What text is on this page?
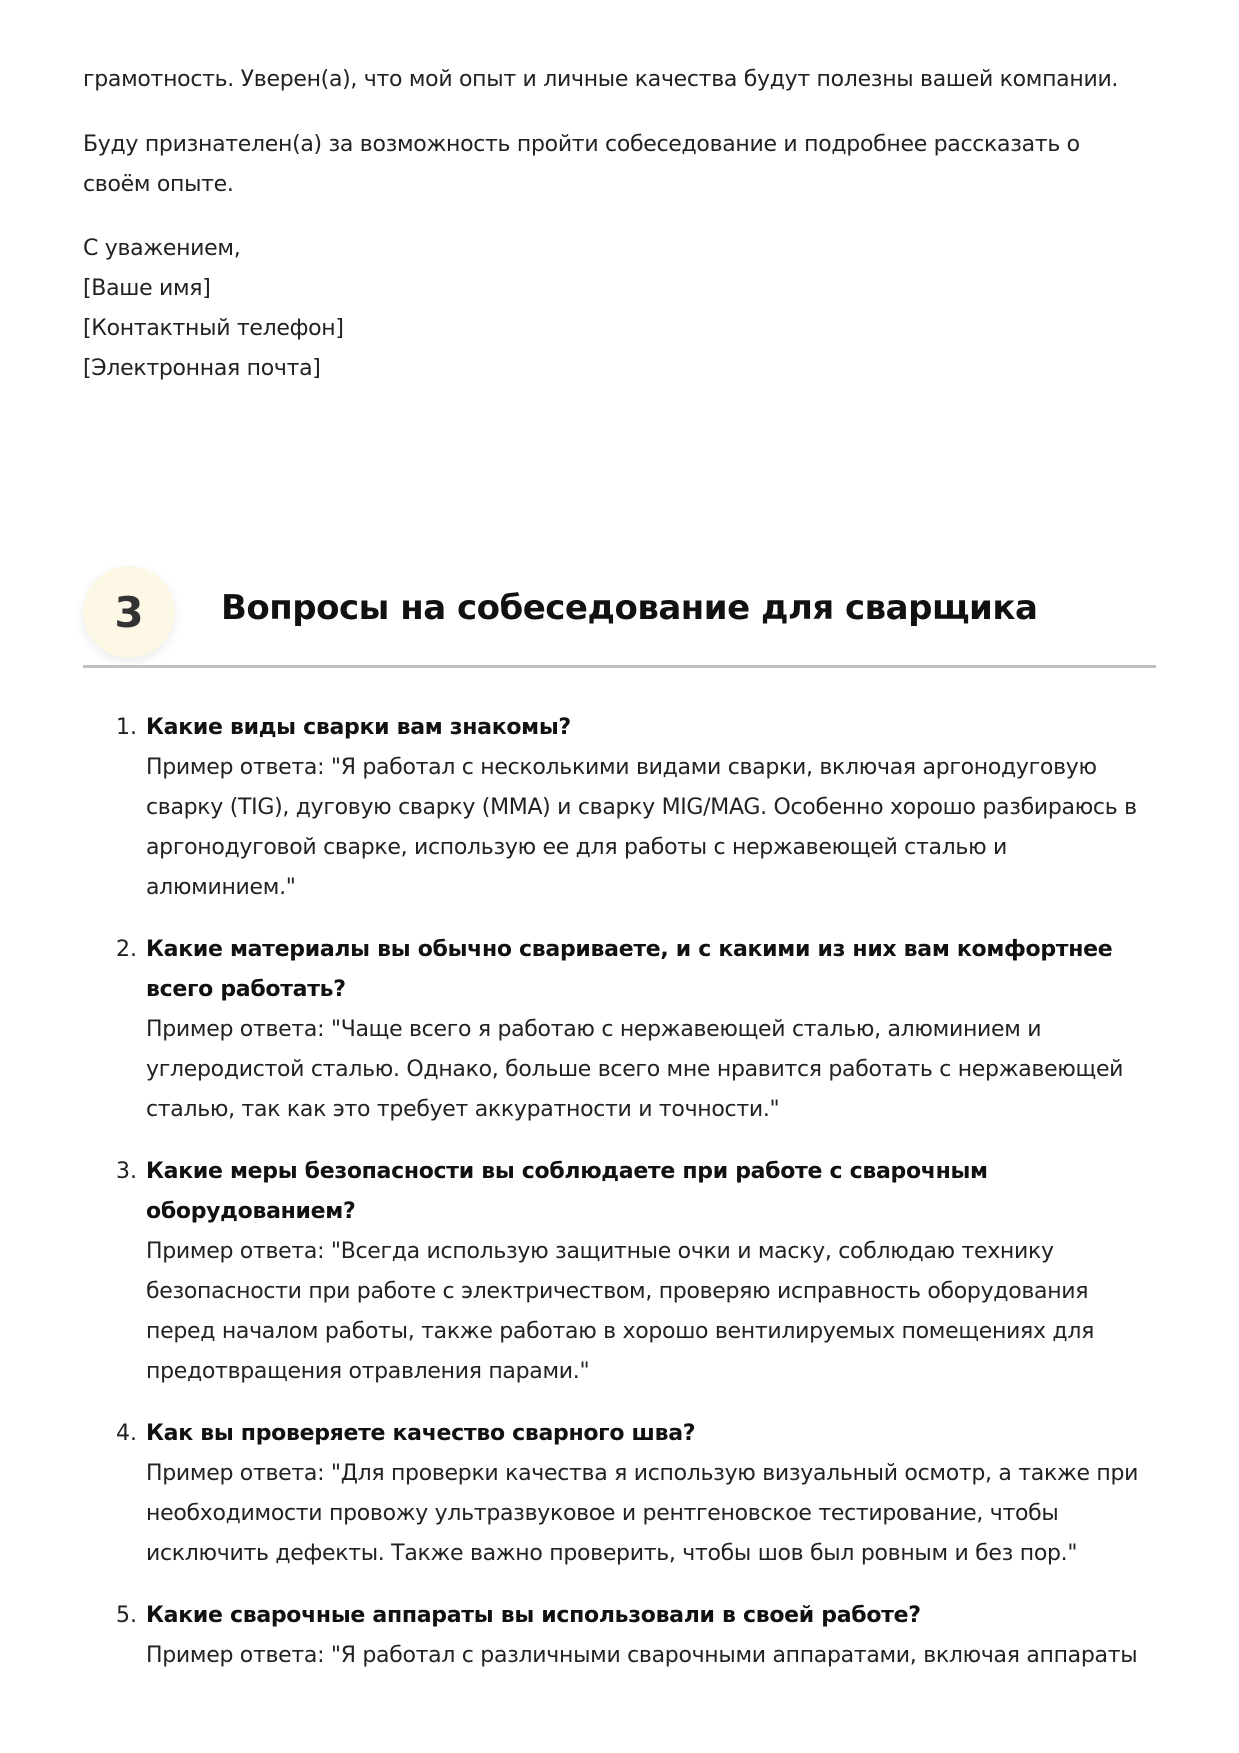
грамотность. Уверен(а), что мой опыт и личные качества будут полезны вашей компании.

Буду признателен(а) за возможность пройти собеседование и подробнее рассказать о своём опыте.

С уважением,
[Ваше имя]
[Контактный телефон]
[Электронная почта]
3	Вопросы на собеседование для сварщика
1. Какие виды сварки вам знакомы?
Пример ответа: "Я работал с несколькими видами сварки, включая аргонодуговую сварку (TIG), дуговую сварку (MMA) и сварку MIG/MAG. Особенно хорошо разбираюсь в аргонодуговой сварке, использую ее для работы с нержавеющей сталью и алюминием."
2. Какие материалы вы обычно свариваете, и с какими из них вам комфортнее всего работать?
Пример ответа: "Чаще всего я работаю с нержавеющей сталью, алюминием и углеродистой сталью. Однако, больше всего мне нравится работать с нержавеющей сталью, так как это требует аккуратности и точности."
3. Какие меры безопасности вы соблюдаете при работе с сварочным оборудованием?
Пример ответа: "Всегда использую защитные очки и маску, соблюдаю технику безопасности при работе с электричеством, проверяю исправность оборудования перед началом работы, также работаю в хорошо вентилируемых помещениях для предотвращения отравления парами."
4. Как вы проверяете качество сварного шва?
Пример ответа: "Для проверки качества я использую визуальный осмотр, а также при необходимости провожу ультразвуковое и рентгеновское тестирование, чтобы исключить дефекты. Также важно проверить, чтобы шов был ровным и без пор."
5. Какие сварочные аппараты вы использовали в своей работе?
Пример ответа: "Я работал с различными сварочными аппаратами, включая аппараты
